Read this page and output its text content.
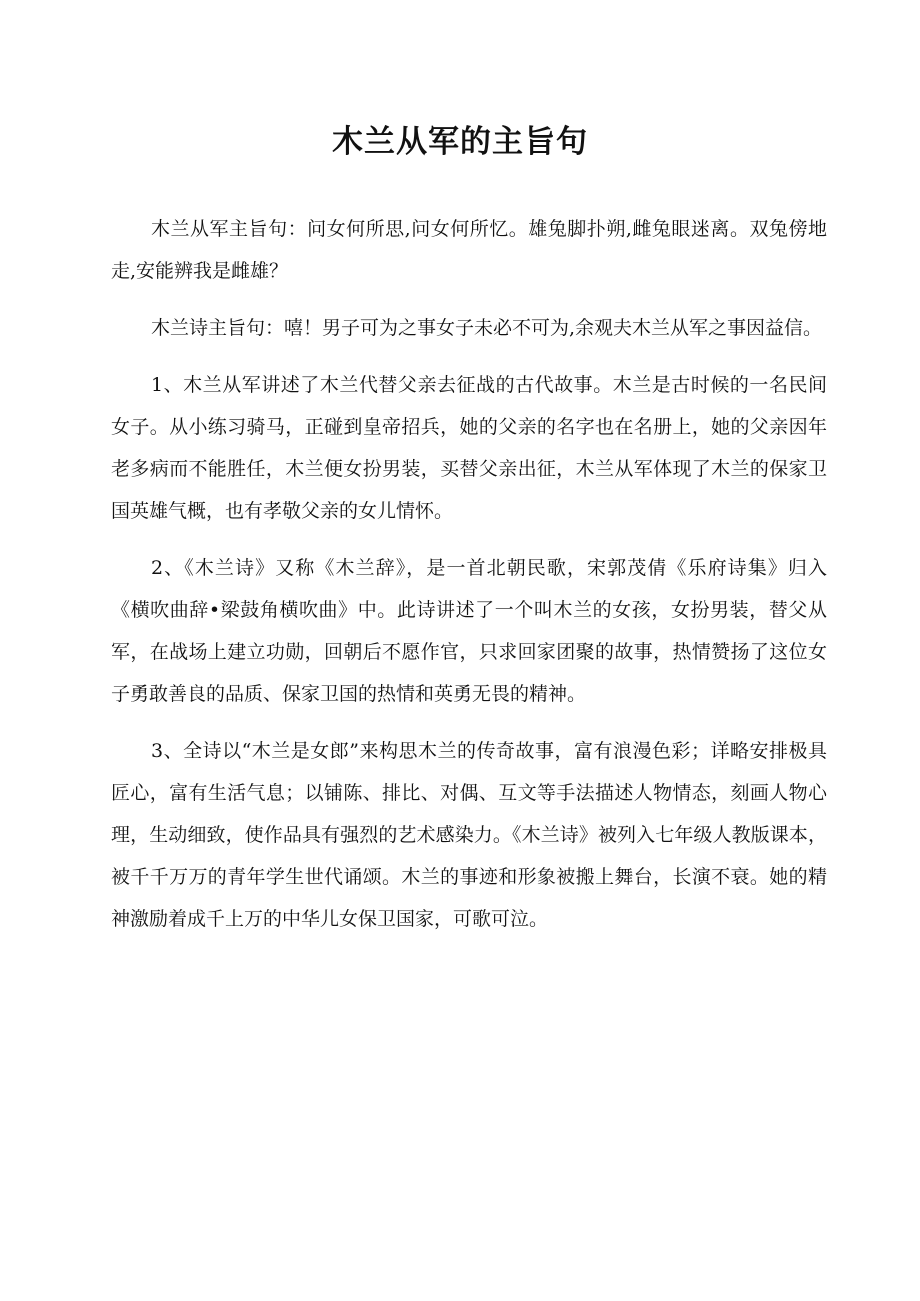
木兰从军的主旨句

木兰从军主旨句：问女何所思,问女何所忆。雄兔脚扑朔,雌兔眼迷离。双兔傍地走,安能辨我是雌雄？

木兰诗主旨句：嘻！男子可为之事女子未必不可为,余观夫木兰从军之事因益信。

1、木兰从军讲述了木兰代替父亲去征战的古代故事。木兰是古时候的一名民间女子。从小练习骑马，正碰到皇帝招兵，她的父亲的名字也在名册上，她的父亲因年老多病而不能胜任，木兰便女扮男装，买替父亲出征，木兰从军体现了木兰的保家卫国英雄气概，也有孝敬父亲的女儿情怀。

2、《木兰诗》又称《木兰辞》，是一首北朝民歌，宋郭茂倩《乐府诗集》归入《横吹曲辞•梁鼓角横吹曲》中。此诗讲述了一个叫木兰的女孩，女扮男装，替父从军，在战场上建立功勋，回朝后不愿作官，只求回家团聚的故事，热情赞扬了这位女子勇敢善良的品质、保家卫国的热情和英勇无畏的精神。

3、全诗以“木兰是女郎”来构思木兰的传奇故事，富有浪漫色彩；详略安排极具匠心，富有生活气息；以铺陈、排比、对偶、互文等手法描述人物情态，刻画人物心理，生动细致，使作品具有强烈的艺术感染力。《木兰诗》被列入七年级人教版课本，被千千万万的青年学生世代诵颂。木兰的事迹和形象被搬上舞台，长演不衰。她的精神激励着成千上万的中华儿女保卫国家，可歌可泣。
